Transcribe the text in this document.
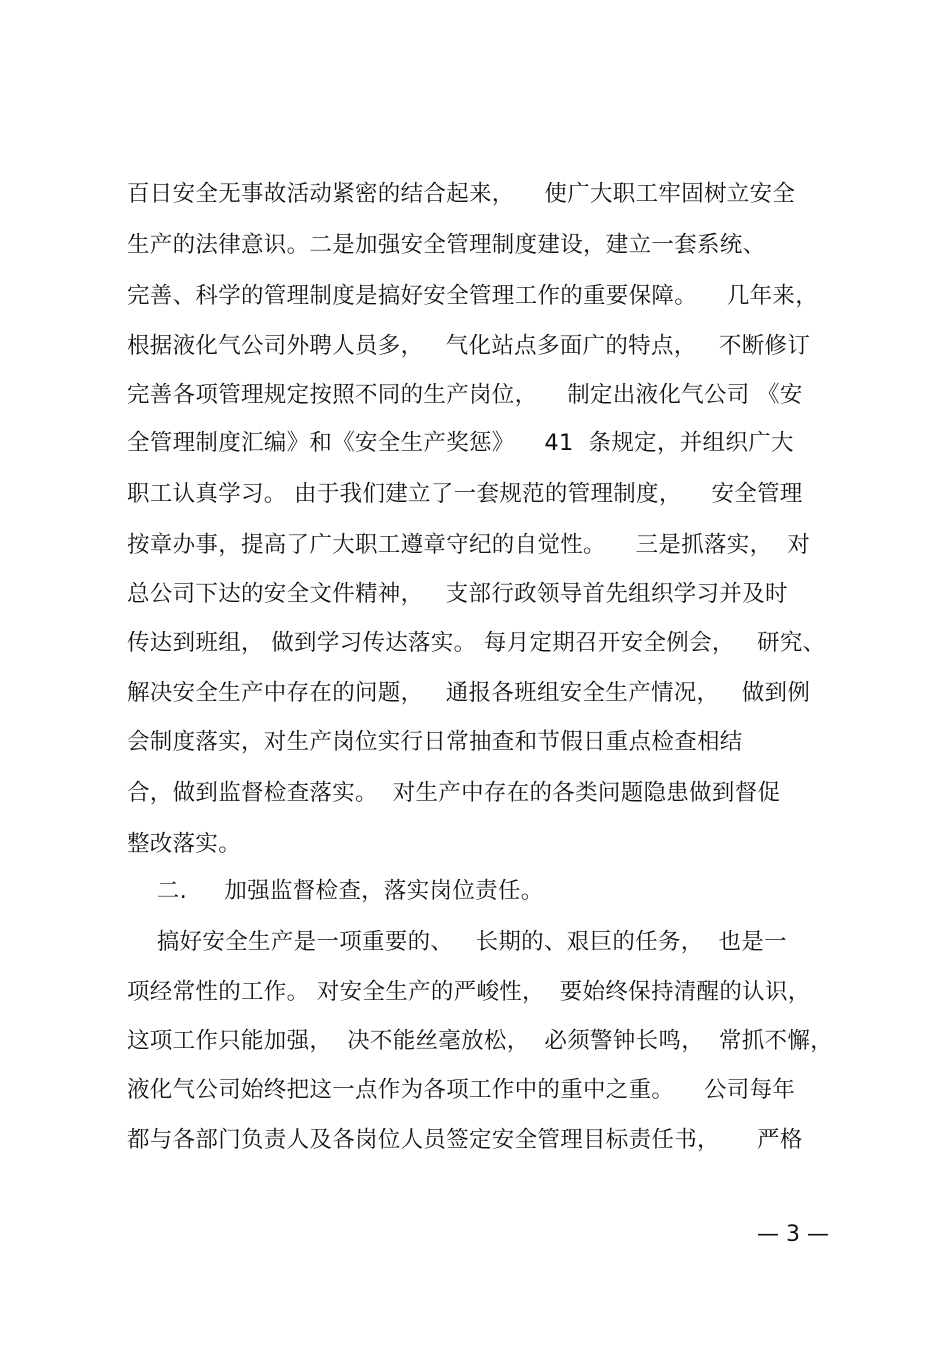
百日安全无事故活动紧密的结合起来，    使广大职工牢固树立安全
生产的法律意识。二是加强安全管理制度建设，建立一套系统、
完善、科学的管理制度是搞好安全管理工作的重要保障。    几年来，
根据液化气公司外聘人员多，   气化站点多面广的特点，   不断修订
完善各项管理规定按照不同的生产岗位，    制定出液化气公司 《安
全管理制度汇编》和《安全生产奖惩》    41  条规定，并组织广大
职工认真学习。 由于我们建立了一套规范的管理制度，    安全管理
按章办事，提高了广大职工遵章守纪的自觉性。    三是抓落实，  对
总公司下达的安全文件精神，   支部行政领导首先组织学习并及时
传达到班组， 做到学习传达落实。 每月定期召开安全例会，   研究、
解决安全生产中存在的问题，   通报各班组安全生产情况，   做到例
会制度落实，对生产岗位实行日常抽查和节假日重点检查相结
合，做到监督检查落实。  对生产中存在的各类问题隐患做到督促
整改落实。
二.     加强监督检查，落实岗位责任。
搞好安全生产是一项重要的、   长期的、艰巨的任务，  也是一
项经常性的工作。 对安全生产的严峻性，  要始终保持清醒的认识，
这项工作只能加强，  决不能丝毫放松，  必须警钟长鸣，  常抓不懈，
液化气公司始终把这一点作为各项工作中的重中之重。    公司每年
都与各部门负责人及各岗位人员签定安全管理目标责任书，     严格
— 3 —
